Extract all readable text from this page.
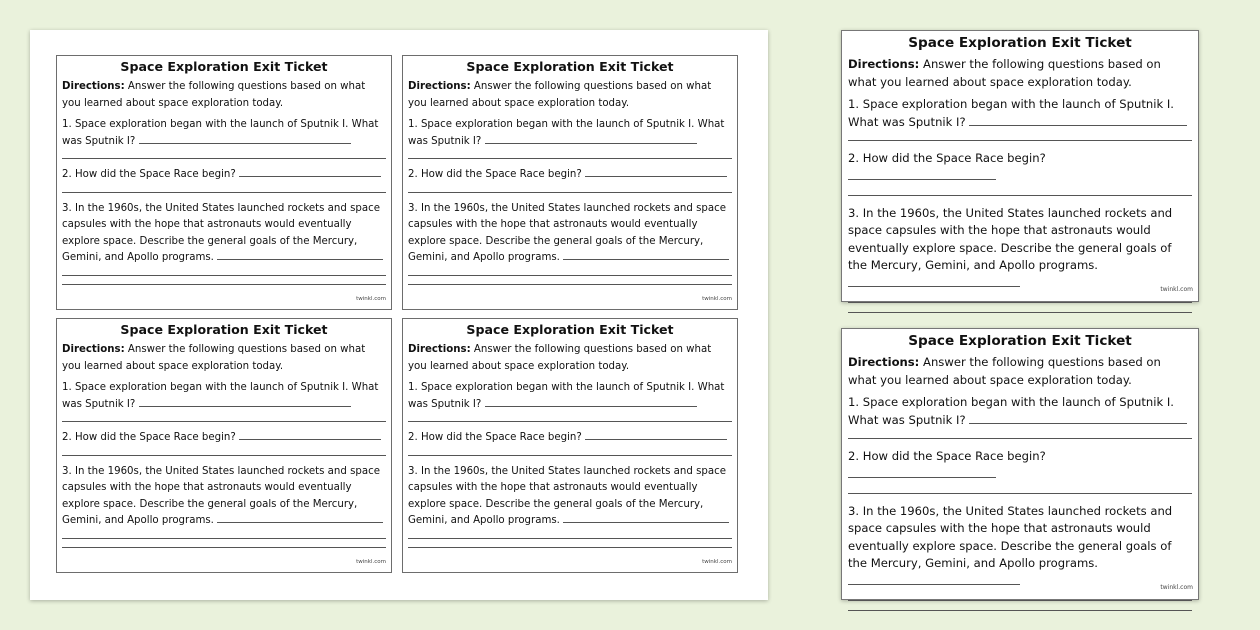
Space Exploration Exit Ticket

Directions: Answer the following questions based on what you learned about space exploration today.

1. Space exploration began with the launch of Sputnik I. What was Sputnik I?

2. How did the Space Race begin?

3. In the 1960s, the United States launched rockets and space capsules with the hope that astronauts would eventually explore space. Describe the general goals of the Mercury, Gemini, and Apollo programs.

twinkl.com

Space Exploration Exit Ticket

Directions: Answer the following questions based on what you learned about space exploration today.

1. Space exploration began with the launch of Sputnik I. What was Sputnik I?

2. How did the Space Race begin?

3. In the 1960s, the United States launched rockets and space capsules with the hope that astronauts would eventually explore space. Describe the general goals of the Mercury, Gemini, and Apollo programs.

twinkl.com

Space Exploration Exit Ticket

Directions: Answer the following questions based on what you learned about space exploration today.

1. Space exploration began with the launch of Sputnik I. What was Sputnik I?

2. How did the Space Race begin?

3. In the 1960s, the United States launched rockets and space capsules with the hope that astronauts would eventually explore space. Describe the general goals of the Mercury, Gemini, and Apollo programs.

twinkl.com

Space Exploration Exit Ticket

Directions: Answer the following questions based on what you learned about space exploration today.

1. Space exploration began with the launch of Sputnik I. What was Sputnik I?

2. How did the Space Race begin?

3. In the 1960s, the United States launched rockets and space capsules with the hope that astronauts would eventually explore space. Describe the general goals of the Mercury, Gemini, and Apollo programs.

twinkl.com

Space Exploration Exit Ticket

Directions: Answer the following questions based on what you learned about space exploration today.

1. Space exploration began with the launch of Sputnik I. What was Sputnik I?

2. How did the Space Race begin?

3. In the 1960s, the United States launched rockets and space capsules with the hope that astronauts would eventually explore space. Describe the general goals of the Mercury, Gemini, and Apollo programs.

twinkl.com

Space Exploration Exit Ticket

Directions: Answer the following questions based on what you learned about space exploration today.

1. Space exploration began with the launch of Sputnik I. What was Sputnik I?

2. How did the Space Race begin?

3. In the 1960s, the United States launched rockets and space capsules with the hope that astronauts would eventually explore space. Describe the general goals of the Mercury, Gemini, and Apollo programs.

twinkl.com
